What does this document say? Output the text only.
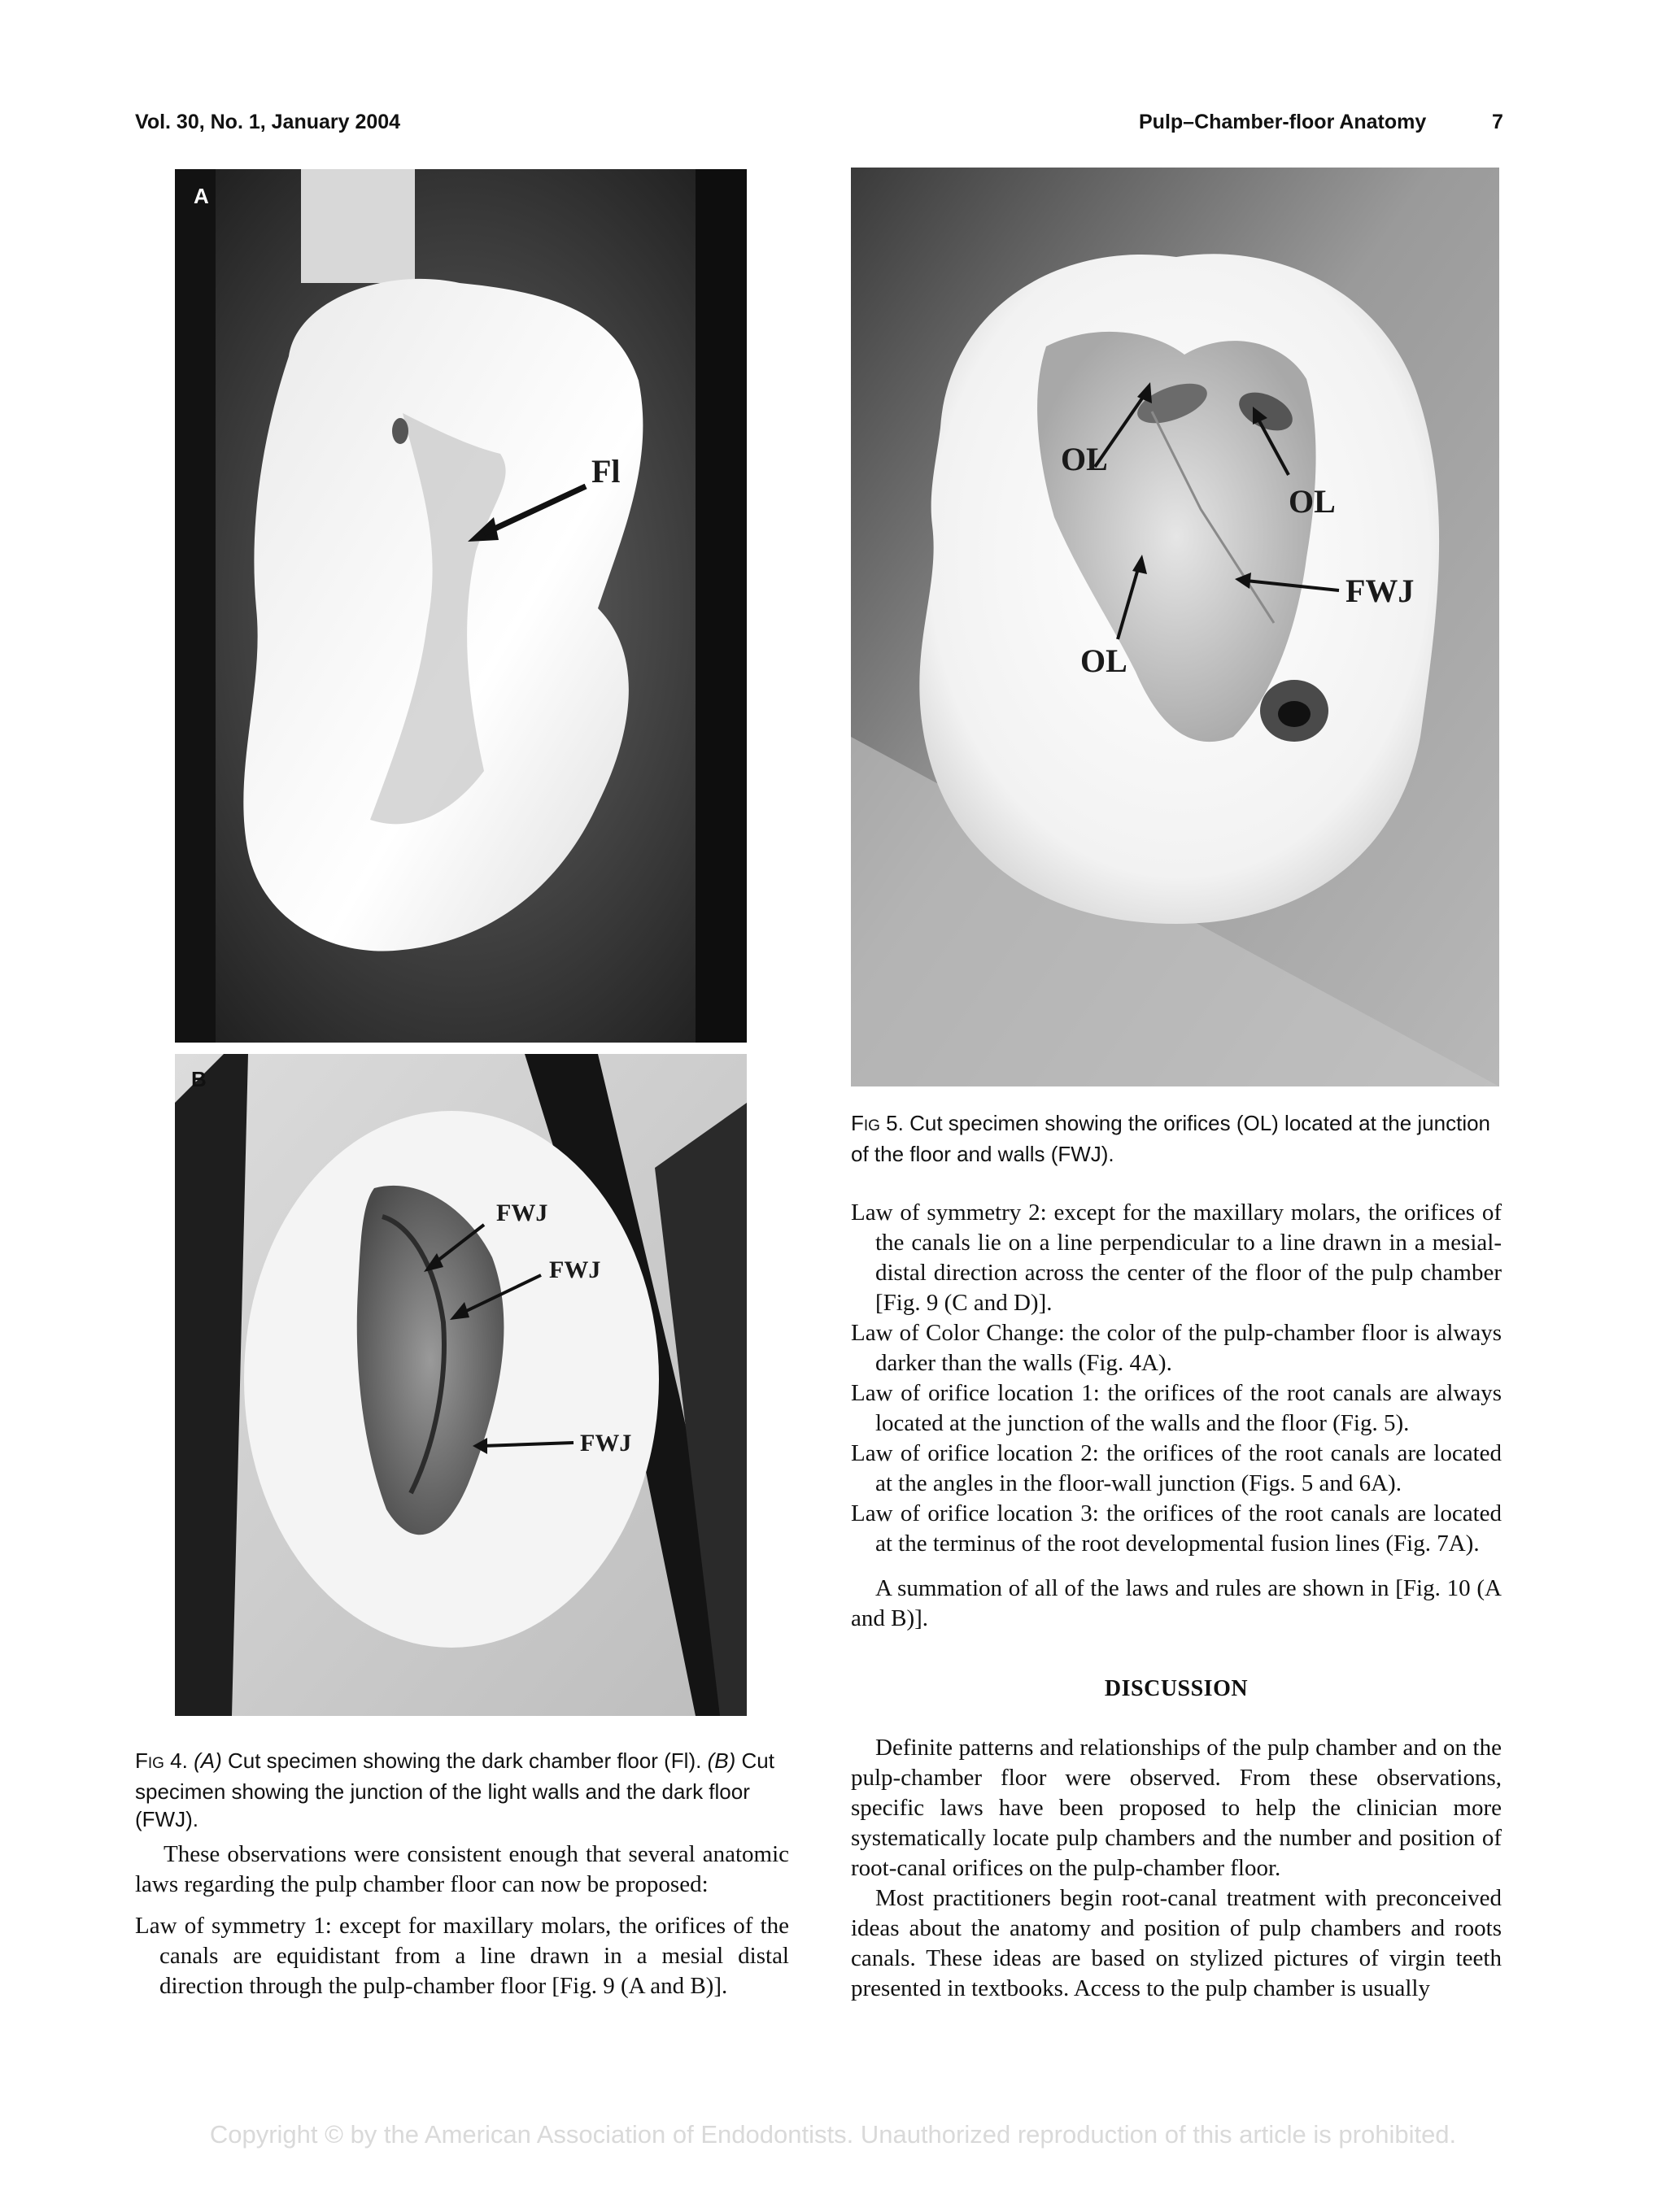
Vol. 30, No. 1, January 2004	Pulp–Chamber-floor Anatomy	7
Fl
A
FWJ
FWJ
FWJ
B
FIG 4. (A) Cut specimen showing the dark chamber floor (Fl). (B) Cut specimen showing the junction of the light walls and the dark floor (FWJ).

These observations were consistent enough that several anatomic laws regarding the pulp chamber floor can now be proposed:

Law of symmetry 1: except for maxillary molars, the orifices of the canals are equidistant from a line drawn in a mesial distal direction through the pulp-chamber floor [Fig. 9 (A and B)].

OL
OL
OL
FWJ
FIG 5. Cut specimen showing the orifices (OL) located at the junction of the floor and walls (FWJ).

Law of symmetry 2: except for the maxillary molars, the orifices of the canals lie on a line perpendicular to a line drawn in a mesial-distal direction across the center of the floor of the pulp chamber [Fig. 9 (C and D)].

Law of Color Change: the color of the pulp-chamber floor is always darker than the walls (Fig. 4A).

Law of orifice location 1: the orifices of the root canals are always located at the junction of the walls and the floor (Fig. 5).

Law of orifice location 2: the orifices of the root canals are located at the angles in the floor-wall junction (Figs. 5 and 6A).

Law of orifice location 3: the orifices of the root canals are located at the terminus of the root developmental fusion lines (Fig. 7A).

A summation of all of the laws and rules are shown in [Fig. 10 (A and B)].

DISCUSSION

Definite patterns and relationships of the pulp chamber and on the pulp-chamber floor were observed. From these observations, specific laws have been proposed to help the clinician more systematically locate pulp chambers and the number and position of root-canal orifices on the pulp-chamber floor.

Most practitioners begin root-canal treatment with preconceived ideas about the anatomy and position of pulp chambers and roots canals. These ideas are based on stylized pictures of virgin teeth presented in textbooks. Access to the pulp chamber is usually

Copyright © by the American Association of Endodontists. Unauthorized reproduction of this article is prohibited.
